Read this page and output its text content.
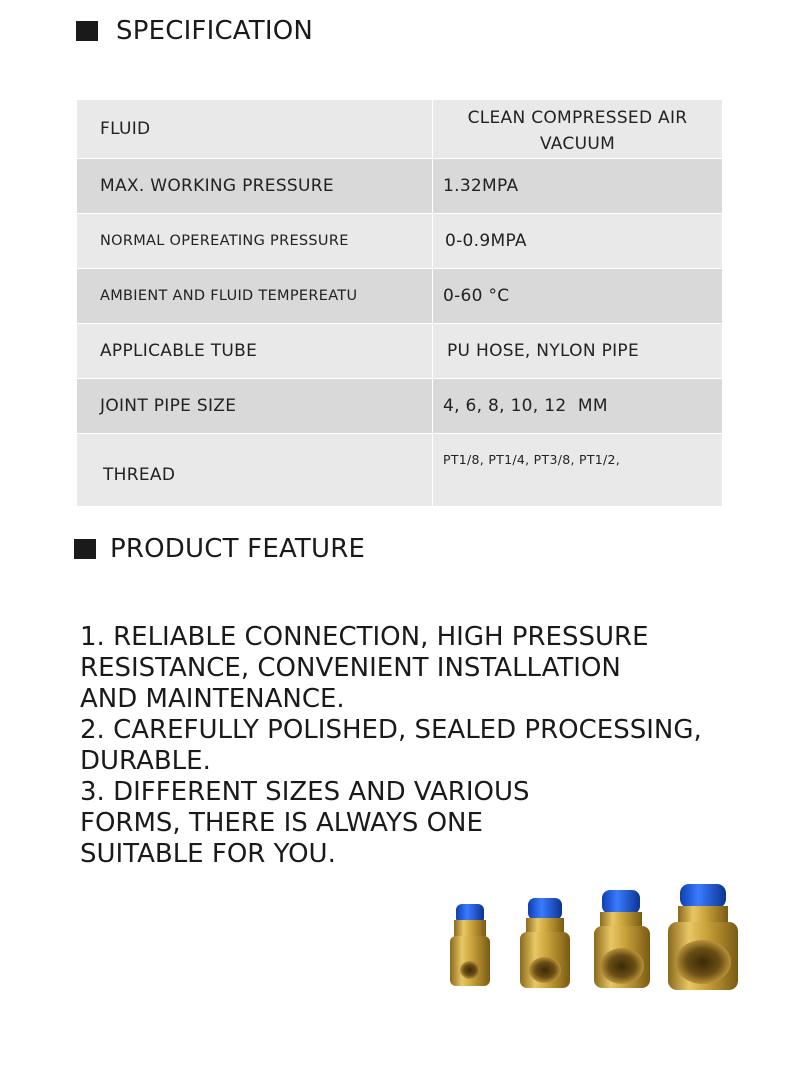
SPECIFICATION
FLUID	CLEAN COMPRESSED AIR
VACUUM
MAX. WORKING PRESSURE	1.32MPA
NORMAL OPEREATING PRESSURE	0-0.9MPA
AMBIENT AND FLUID TEMPEREATU	0-60 °C
APPLICABLE TUBE	PU HOSE, NYLON PIPE
JOINT PIPE SIZE	4, 6, 8, 10, 12  MM
THREAD	PT1/8, PT1/4, PT3/8, PT1/2,
PRODUCT FEATURE
1. RELIABLE CONNECTION, HIGH PRESSURE
RESISTANCE, CONVENIENT INSTALLATION
AND MAINTENANCE.
2. CAREFULLY POLISHED, SEALED PROCESSING,
DURABLE.
3. DIFFERENT SIZES AND VARIOUS
FORMS, THERE IS ALWAYS ONE
SUITABLE FOR YOU.
